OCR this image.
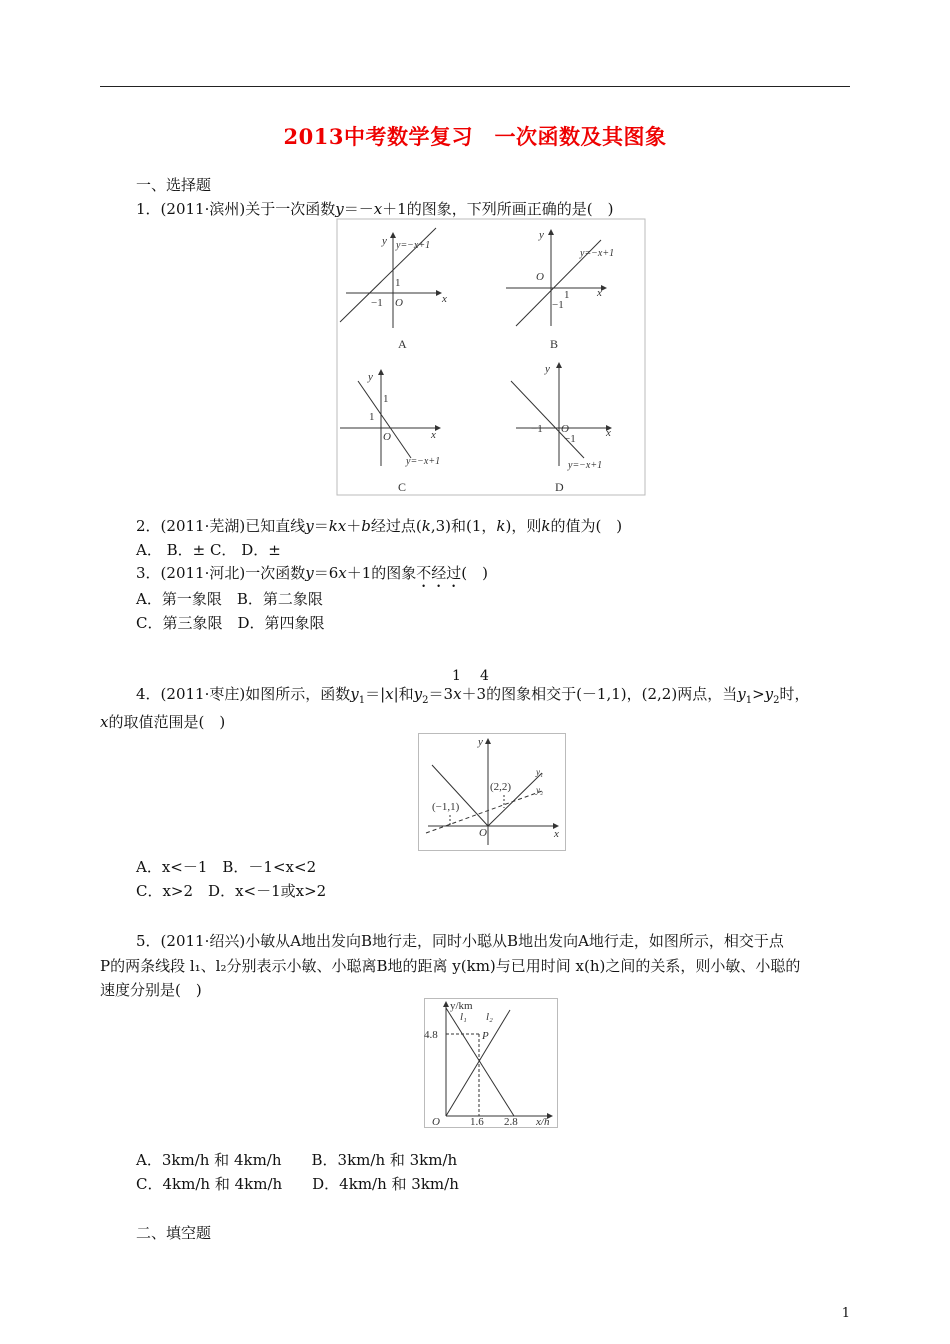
2013中考数学复习　一次函数及其图象
一、选择题
1．(2011·滨州)关于一次函数y＝－x＋1的图象，下列所画正确的是(　)
y
x
O
1
−1
y=−x+1
A
y
x
O
1
−1
y=−x+1
B
y
x
O
1
1
y=−x+1
C
y
x
O
−1
−1
y=−x+1
D
2．(2011·芜湖)已知直线y＝kx＋b经过点(k,3)和(1，k)，则k的值为(　)
A． B．± C． D．±
3．(2011·河北)一次函数y＝6x＋1的图象不经过(　)
A．第一象限　B．第二象限
C．第三象限　D．第四象限
1 4
4．(2011·枣庄)如图所示，函数$y_1=|x|$和$y_2=3x+3$的图象相交于(－1,1)，(2,2)两点，当$y_1>y_2$时，
x的取值范围是(　)
y
x
O
(−1,1)
(2,2)
y₁
y₂
A．x<－1　B．－1<x<2
C．x>2　D．x<－1或x>2
5．(2011·绍兴)小敏从A地出发向B地行走，同时小聪从B地出发向A地行走，如图所示，相交于点
P的两条线段 l₁、l₂分别表示小敏、小聪离B地的距离 y(km)与已用时间 x(h)之间的关系，则小敏、小聪的
速度分别是(　)
y/km
x/h
O
l₁ l₂
P
4.8
1.6 2.8
A．3km/h 和 4km/h　　B．3km/h 和 3km/h
C．4km/h 和 4km/h　　D．4km/h 和 3km/h
二、填空题
1
